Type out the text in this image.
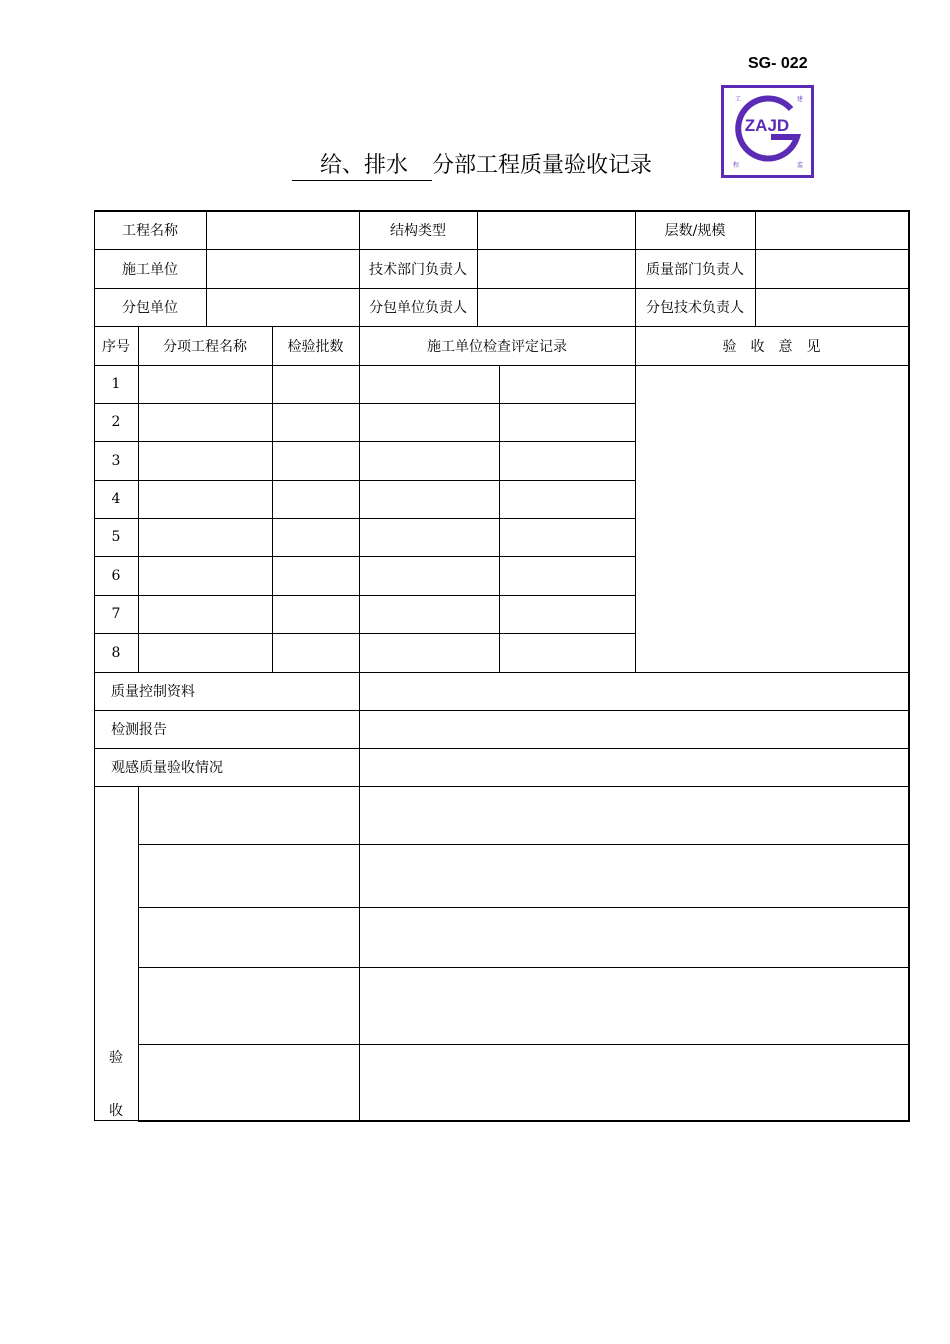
SG- 022
工	建
程	监
ZAJD
给、排水 分部工程质量验收记录
工程名称	结构类型	层数/规模
施工单位	技术部门负责人	质量部门负责人
分包单位	分包单位负责人	分包技术负责人
序号	分项工程名称	检验批数	施工单位检查评定记录	验　收　意　见
1
2
3
4
5
6
7
8
质量控制资料
检测报告
观感质量验收情况
验
收
